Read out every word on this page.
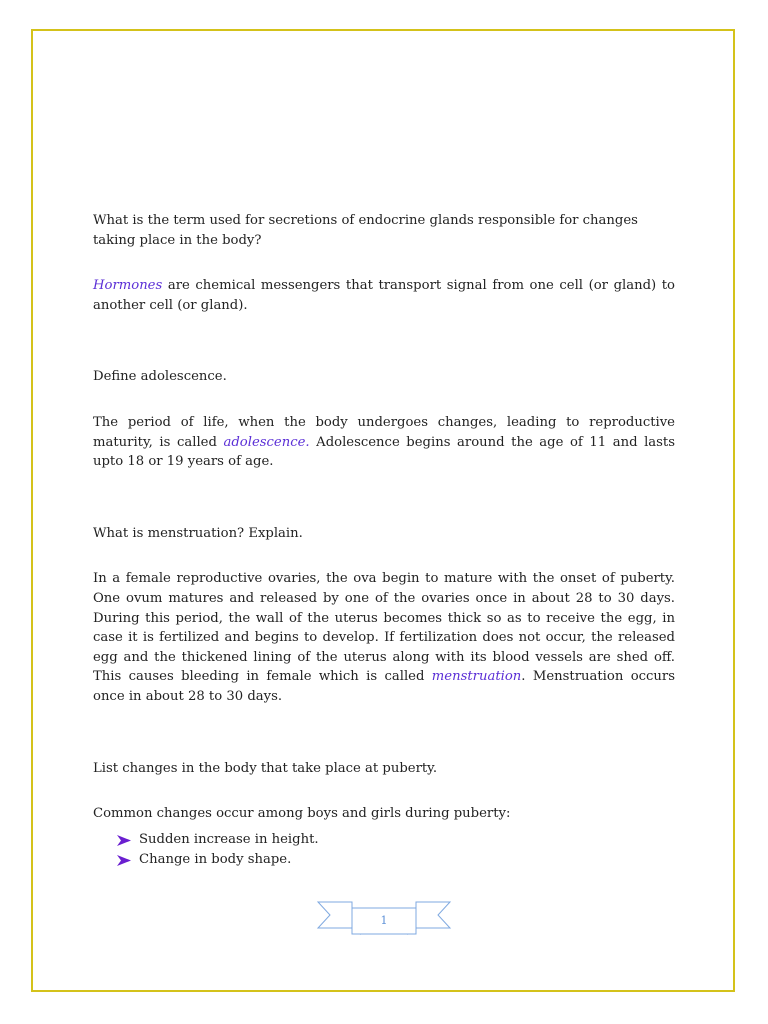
What is the term used for secretions of endocrine glands responsible for changes taking place in the body?

Hormones are chemical messengers that transport signal from one cell (or gland) to another cell (or gland).

Define adolescence.

The period of life, when the body undergoes changes, leading to reproductive maturity, is called adolescence. Adolescence begins around the age of 11 and lasts upto 18 or 19 years of age.

What is menstruation? Explain.

In a female reproductive ovaries, the ova begin to mature with the onset of puberty. One ovum matures and released by one of the ovaries once in about 28 to 30 days. During this period, the wall of the uterus becomes thick so as to receive the egg, in case it is fertilized and begins to develop. If fertilization does not occur, the released egg and the thickened lining of the uterus along with its blood vessels are shed off. This causes bleeding in female which is called menstruation. Menstruation occurs once in about 28 to 30 days.

List changes in the body that take place at puberty.

Common changes occur among boys and girls during puberty:

Sudden increase in height.
Change in body shape.
1
